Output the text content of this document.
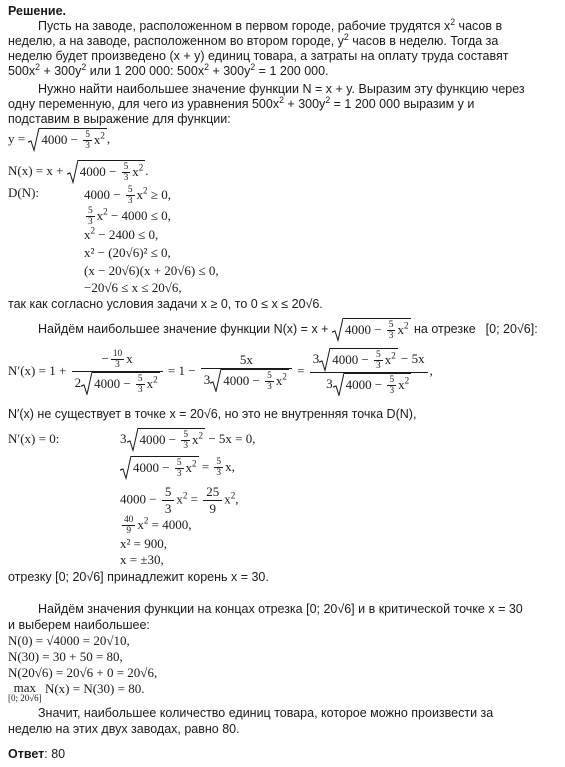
Решение.
Пусть на заводе, расположенном в первом городе, рабочие трудятся $x^2$ часов в
неделю, а на заводе, расположенном во втором городе, $y^2$ часов в неделю. Тогда за
неделю будет произведено (x + y) единиц товара, а затраты на оплату труда составят
$500x^2 + 300y^2$ или 1 200 000: $500x^2 + 300y^2 = 1$ 200 000.
Нужно найти наибольшее значение функции N = x + y. Выразим эту функцию через
одну переменную, для чего из уравнения $500x^2 + 300y^2 = 1$ 200 000 выразим y и
подставим в выражение для функции:
y =
$4000 - \frac{5}{3} x^2$ ,
N(x) = x +
$4000 - \frac{5}{3} x^2$ .
D(N):	$4000 - \frac{5}{3} x^2 \ge 0$,
$\frac{5}{3} x^2 - 4000 \le 0$,
$x^2 - 2400 \le 0$,
x² − (20√6)² ≤ 0,
(x − 20√6)(x + 20√6) ≤ 0,
−20√6 ≤ x ≤ 20√6,
так как согласно условия задачи x ≥ 0, то 0 ≤ x ≤ 20√6.
Найдём наибольшее значение функции N(x) = x +
$4000 - \frac{5}{3} x^2$ на отрезке [0; 20√6]:
$N'(x) = 1 + \frac{- \frac{10}{3} x}{2 4000 - \frac{5}{3} x^2} = 1 - \frac{5x}{3 4000 - \frac{5}{3} x^2} = \frac{3 4000 - \frac{5}{3} x^2 - 5x}{3 4000 - \frac{5}{3} x^2}$ ,
N′(x) не существует в точке x = 20√6, но это не внутренняя точка D(N),
N′(x) = 0:	3 $4000 - \frac{5}{3} x^2 - 5x = 0$,
$4000 - \frac{5}{3} x^2 = \frac{5}{3} x$,
$4000 - \frac{5}{3} x^2 = \frac{25}{9} x^2$,
$\frac{40}{9} x^2 = 4000$,
x² = 900,
x = ±30,
отрезку [0; 20√6] принадлежит корень x = 30.
Найдём значения функции на концах отрезка [0; 20√6] и в критической точке x = 30
и выберем наибольшее:
N(0) = √4000 = 20√10,
N(30) = 30 + 50 = 80,
N(20√6) = 20√6 + 0 = 20√6,
max
[0; 20√6]
N(x) = N(30) = 80.
Значит, наибольшее количество единиц товара, которое можно произвести за
неделю на этих двух заводах, равно 80.
Ответ: 80
